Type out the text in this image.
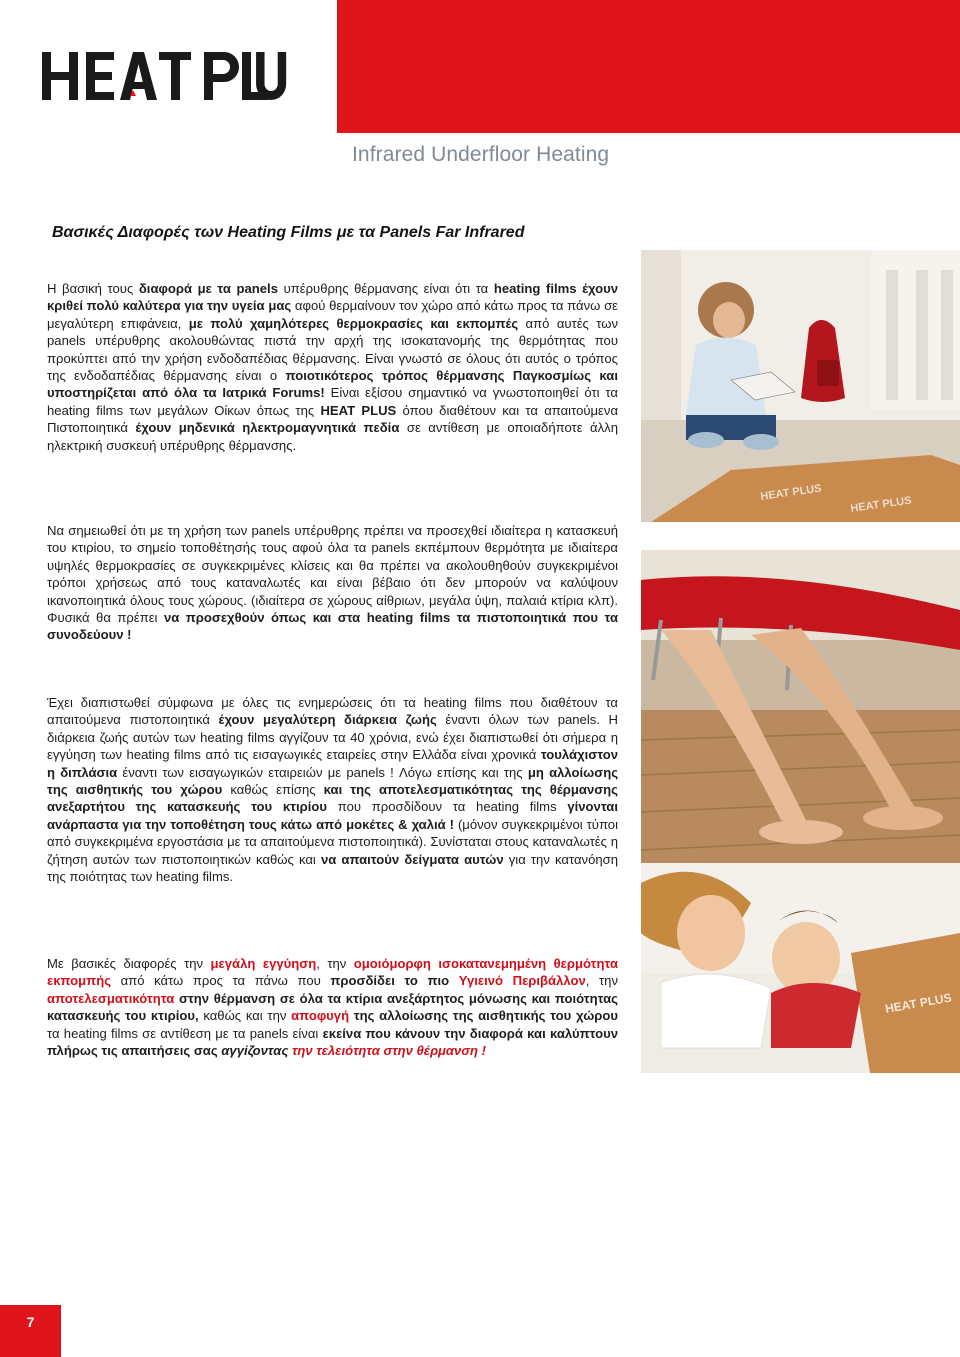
Infrared Underfloor Heating
Βασικές Διαφορές των Heating Films με τα Panels Far Infrared
Η βασική τους διαφορά με τα panels υπέρυθρης θέρμανσης είναι ότι τα heating films έχουν κριθεί πολύ καλύτερα για την υγεία μας αφού θερμαίνουν τον χώρο από κάτω προς τα πάνω σε μεγαλύτερη επιφάνεια, με πολύ χαμηλότερες θερμοκρασίες και εκπομπές από αυτές των panels υπέρυθρης ακολουθώντας πιστά την αρχή της ισοκατανομής της θερμότητας που προκύπτει από την χρήση ενδοδαπέδιας θέρμανσης. Είναι γνωστό σε όλους ότι αυτός ο τρόπος της ενδοδαπέδιας θέρμανσης είναι ο ποιοτικότερος τρόπος θέρμανσης Παγκοσμίως και υποστηρίζεται από όλα τα Ιατρικά Forums! Είναι εξίσου σημαντικό να γνωστοποιηθεί ότι τα heating films των μεγάλων Οίκων όπως της HEAT PLUS όπου διαθέτουν και τα απαιτούμενα Πιστοποιητικά έχουν μηδενικά ηλεκτρομαγνητικά πεδία σε αντίθεση με οποιαδήποτε άλλη ηλεκτρική συσκευή υπέρυθρης θέρμανσης.
Να σημειωθεί ότι με τη χρήση των panels υπέρυθρης πρέπει να προσεχθεί ιδιαίτερα η κατασκευή του κτιρίου, το σημείο τοποθέτησής τους αφού όλα τα panels εκπέμπουν θερμότητα με ιδιαίτερα υψηλές θερμοκρασίες σε συγκεκριμένες κλίσεις και θα πρέπει να ακολουθηθούν συγκεκριμένοι τρόποι χρήσεως από τους καταναλωτές και είναι βέβαιο ότι δεν μπορούν να καλύψουν ικανοποιητικά όλους τους χώρους. (ιδιαίτερα σε χώρους αίθριων, μεγάλα ύψη, παλαιά κτίρια κλπ). Φυσικά θα πρέπει να προσεχθούν όπως και στα heating films τα πιστοποιητικά που τα συνοδεύουν !
Έχει διαπιστωθεί σύμφωνα με όλες τις ενημερώσεις ότι τα heating films που διαθέτουν τα απαιτούμενα πιστοποιητικά έχουν μεγαλύτερη διάρκεια ζωής έναντι όλων των panels. Η διάρκεια ζωής αυτών των heating films αγγίζουν τα 40 χρόνια, ενώ έχει διαπιστωθεί ότι σήμερα η εγγύηση των heating films από τις εισαγωγικές εταιρείες στην Ελλάδα είναι χρονικά τουλάχιστον η διπλάσια έναντι των εισαγωγικών εταιρειών με panels ! Λόγω επίσης και της μη αλλοίωσης της αισθητικής του χώρου καθώς επίσης και της αποτελεσματικότητας της θέρμανσης ανεξαρτήτου της κατασκευής του κτιρίου που προσδίδουν τα heating films γίνονται ανάρπαστα για την τοποθέτηση τους κάτω από μοκέτες & χαλιά ! (μόνον συγκεκριμένοι τύποι από συγκεκριμένα εργοστάσια με τα απαιτούμενα πιστοποιητικά). Συνίσταται στους καταναλωτές η ζήτηση αυτών των πιστοποιητικών καθώς και να απαιτούν δείγματα αυτών για την κατανόηση της ποιότητας των heating films.
Με βασικές διαφορές την μεγάλη εγγύηση, την ομοιόμορφη ισοκατανεμημένη θερμότητα εκπομπής από κάτω προς τα πάνω που προσδίδει το πιο Υγιεινό Περιβάλλον, την αποτελεσματικότητα στην θέρμανση σε όλα τα κτίρια ανεξάρτητος μόνωσης και ποιότητας κατασκευής του κτιρίου, καθώς και την αποφυγή της αλλοίωσης της αισθητικής του χώρου τα heating films σε αντίθεση με τα panels είναι εκείνα που κάνουν την διαφορά και καλύπτουν πλήρως τις απαιτήσεις σας αγγίζοντας την τελειότητα στην θέρμανση !
HEAT PLUS
HEAT PLUS
HEAT PLUS
7
